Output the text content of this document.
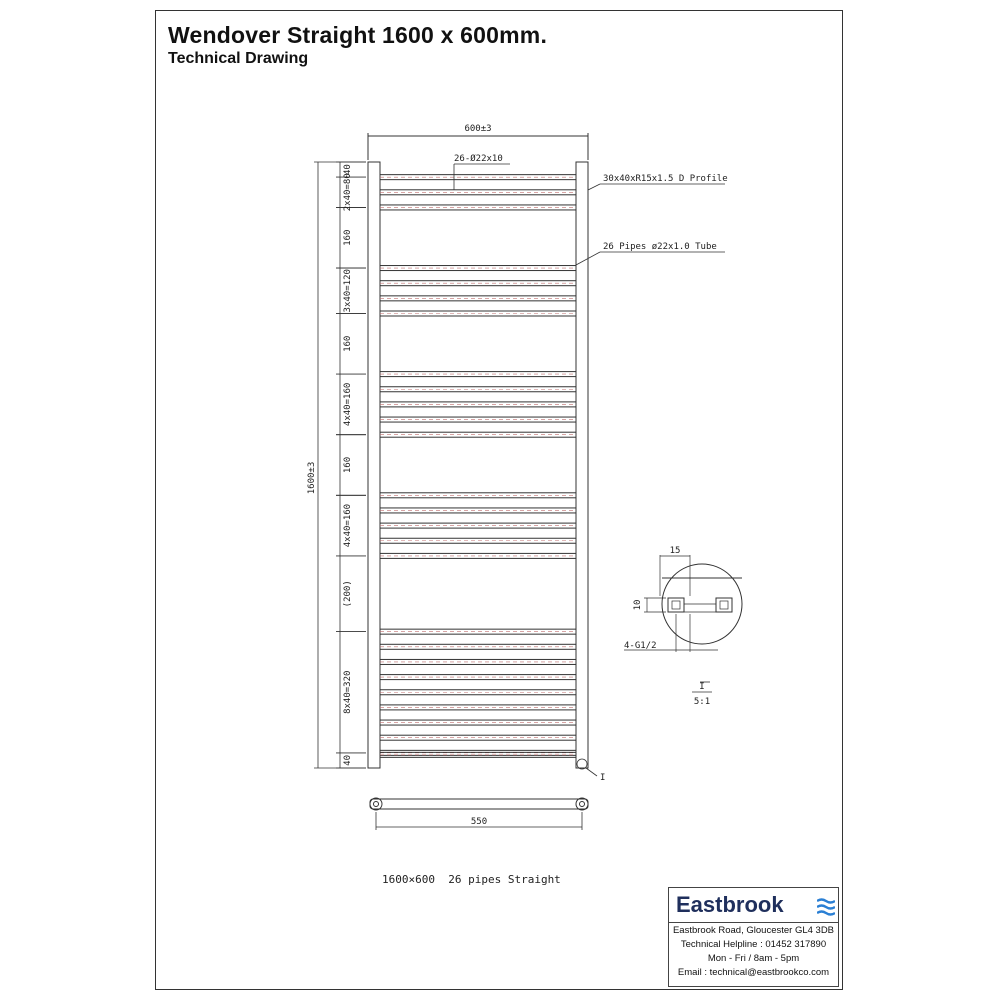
Wendover Straight 1600 x 600mm.
Technical Drawing
600±3
26-Ø22x10
30x40xR15x1.5 D Profile
26 Pipes ø22x1.0 Tube
1600±3
550
I
15
10
4-G1/2
I
5:1
40
2x40=80
160
3x40=120
160
4x40=160
160
4x40=160
(200)
8x40=320
40
1600×600  26 pipes Straight
Eastbrook
Eastbrook Road, Gloucester GL4 3DB
Technical Helpline : 01452 317890
Mon - Fri / 8am - 5pm
Email : technical@eastbrookco.com
